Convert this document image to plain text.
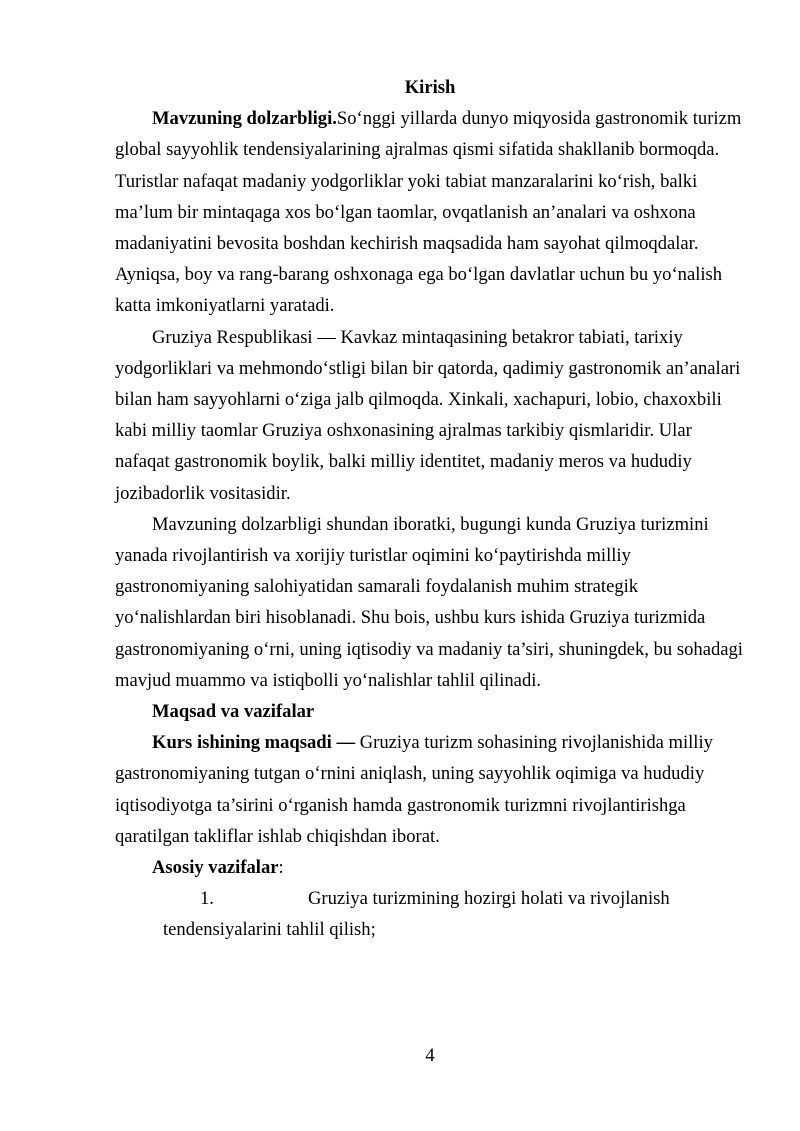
Kirish

Mavzuning dolzarbligi.So‘nggi yillarda dunyo miqyosida gastronomik turizm global sayyohlik tendensiyalarining ajralmas qismi sifatida shakllanib bormoqda. Turistlar nafaqat madaniy yodgorliklar yoki tabiat manzaralarini ko‘rish, balki ma’lum bir mintaqaga xos bo‘lgan taomlar, ovqatlanish an’analari va oshxona madaniyatini bevosita boshdan kechirish maqsadida ham sayohat qilmoqdalar. Ayniqsa, boy va rang-barang oshxonaga ega bo‘lgan davlatlar uchun bu yo‘nalish katta imkoniyatlarni yaratadi.

Gruziya Respublikasi — Kavkaz mintaqasining betakror tabiati, tarixiy yodgorliklari va mehmondo‘stligi bilan bir qatorda, qadimiy gastronomik an’analari bilan ham sayyohlarni o‘ziga jalb qilmoqda. Xinkali, xachapuri, lobio, chaxoxbili kabi milliy taomlar Gruziya oshxonasining ajralmas tarkibiy qismlaridir. Ular nafaqat gastronomik boylik, balki milliy identitet, madaniy meros va hududiy jozibadorlik vositasidir.

Mavzuning dolzarbligi shundan iboratki, bugungi kunda Gruziya turizmini yanada rivojlantirish va xorijiy turistlar oqimini ko‘paytirishda milliy gastronomiyaning salohiyatidan samarali foydalanish muhim strategik yo‘nalishlardan biri hisoblanadi. Shu bois, ushbu kurs ishida Gruziya turizmida gastronomiyaning o‘rni, uning iqtisodiy va madaniy ta’siri, shuningdek, bu sohadagi mavjud muammo va istiqbolli yo‘nalishlar tahlil qilinadi.

Maqsad va vazifalar

Kurs ishining maqsadi — Gruziya turizm sohasining rivojlanishida milliy gastronomiyaning tutgan o‘rnini aniqlash, uning sayyohlik oqimiga va hududiy iqtisodiyotga ta’sirini o‘rganish hamda gastronomik turizmni rivojlantirishga qaratilgan takliflar ishlab chiqishdan iborat.

Asosiy vazifalar:

1.	Gruziya turizmining hozirgi holati va rivojlanish
tendensiyalarini tahlil qilish;
4
